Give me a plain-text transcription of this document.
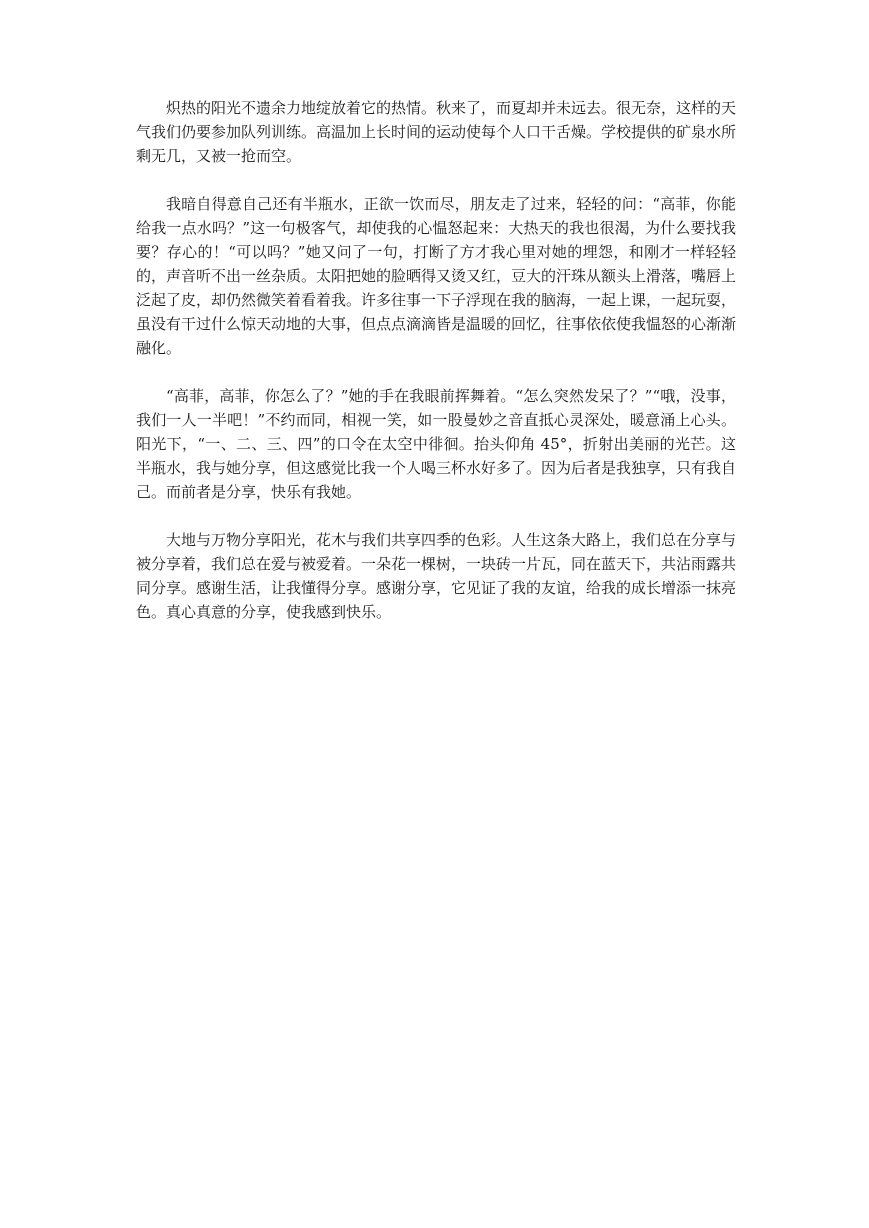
炽热的阳光不遗余力地绽放着它的热情。秋来了，而夏却并未远去。很无奈，这样的天气我们仍要参加队列训练。高温加上长时间的运动使每个人口干舌燥。学校提供的矿泉水所剩无几，又被一抢而空。

我暗自得意自己还有半瓶水，正欲一饮而尽，朋友走了过来，轻轻的问：“高菲，你能给我一点水吗？”这一句极客气，却使我的心愠怒起来：大热天的我也很渴，为什么要找我要？存心的！“可以吗？”她又问了一句，打断了方才我心里对她的埋怨，和刚才一样轻轻的，声音听不出一丝杂质。太阳把她的脸晒得又烫又红，豆大的汗珠从额头上滑落，嘴唇上泛起了皮，却仍然微笑着看着我。许多往事一下子浮现在我的脑海，一起上课，一起玩耍，虽没有干过什么惊天动地的大事，但点点滴滴皆是温暖的回忆，往事依依使我愠怒的心渐渐融化。

“高菲，高菲，你怎么了？”她的手在我眼前挥舞着。“怎么突然发呆了？”“哦，没事，我们一人一半吧！”不约而同，相视一笑，如一股曼妙之音直抵心灵深处，暖意涌上心头。阳光下，“一、二、三、四”的口令在太空中徘徊。抬头仰角 45°，折射出美丽的光芒。这半瓶水，我与她分享，但这感觉比我一个人喝三杯水好多了。因为后者是我独享，只有我自己。而前者是分享，快乐有我她。

大地与万物分享阳光，花木与我们共享四季的色彩。人生这条大路上，我们总在分享与被分享着，我们总在爱与被爱着。一朵花一棵树，一块砖一片瓦，同在蓝天下，共沾雨露共同分享。感谢生活，让我懂得分享。感谢分享，它见证了我的友谊，给我的成长增添一抹亮色。真心真意的分享，使我感到快乐。
